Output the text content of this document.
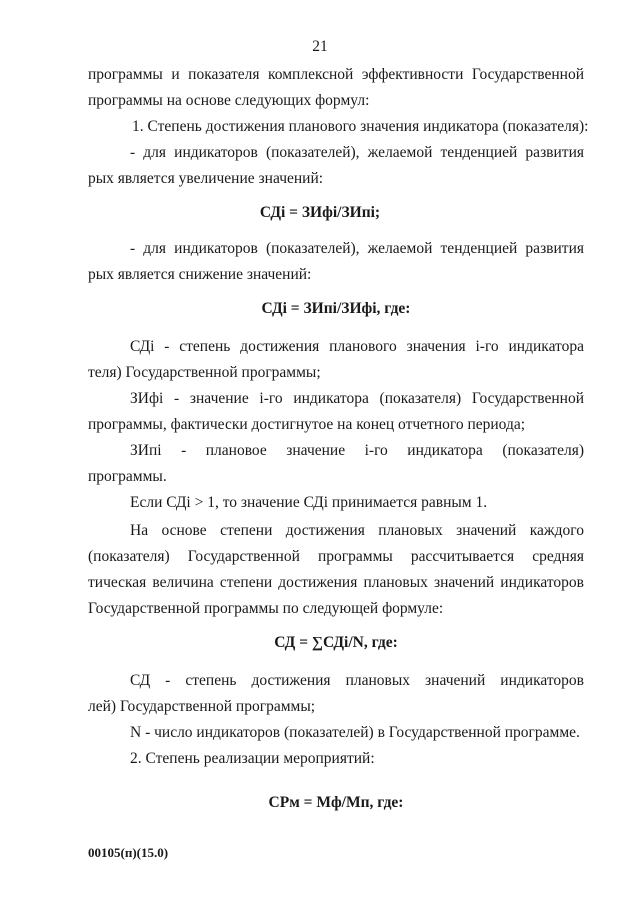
21
программы и показателя комплексной эффективности Государственной
программы на основе следующих формул:
1. Степень достижения планового значения индикатора (показателя):
- для индикаторов (показателей), желаемой тенденцией развития
рых является увеличение значений:
СДi = ЗИфi/ЗИпi;
- для индикаторов (показателей), желаемой тенденцией развития
рых является снижение значений:
СДi = ЗИпi/ЗИфi, где:
СДi - степень достижения планового значения i-го индикатора
теля) Государственной программы;
ЗИфi - значение i-го индикатора (показателя) Государственной
программы, фактически достигнутое на конец отчетного периода;
ЗИпi - плановое значение i-го индикатора (показателя)
программы.
Если СДi > 1, то значение СДi принимается равным 1.
На основе степени достижения плановых значений каждого
(показателя) Государственной программы рассчитывается средняя
тическая величина степени достижения плановых значений индикаторов
Государственной программы по следующей формуле:
СД = ∑СДi/N, где:
СД - степень достижения плановых значений индикаторов
лей) Государственной программы;
N - число индикаторов (показателей) в Государственной программе.
2. Степень реализации мероприятий:
СРм = Мф/Мп, где:
00105(п)(15.0)
